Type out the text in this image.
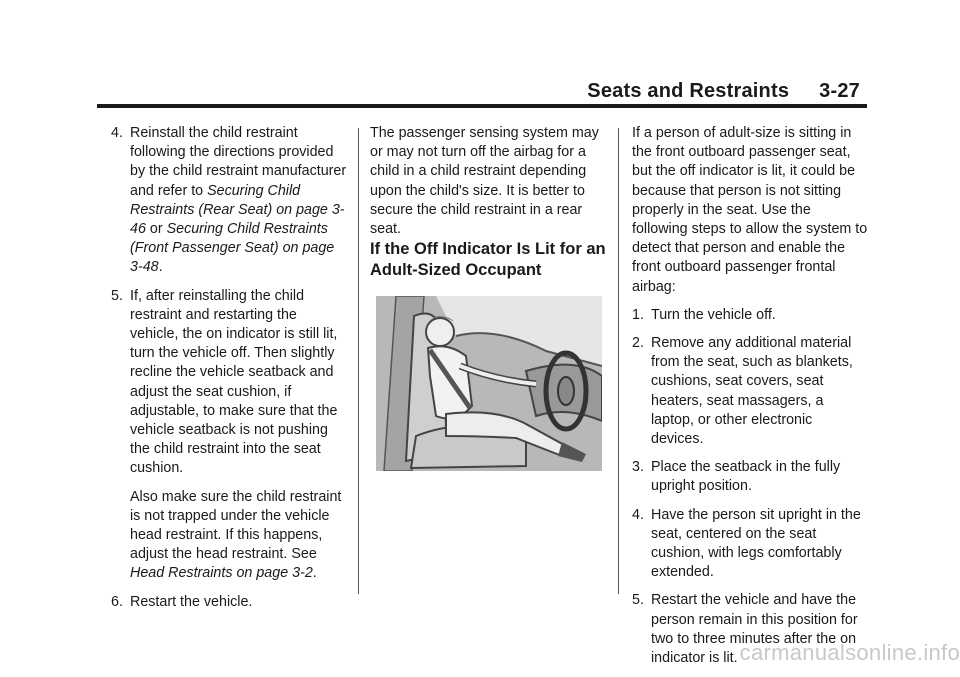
Seats and Restraints 3-27
4. Reinstall the child restraint following the directions provided by the child restraint manufacturer and refer to Securing Child Restraints (Rear Seat) on page 3-46 or Securing Child Restraints (Front Passenger Seat) on page 3-48.

5. If, after reinstalling the child restraint and restarting the vehicle, the on indicator is still lit, turn the vehicle off. Then slightly recline the vehicle seatback and adjust the seat cushion, if adjustable, to make sure that the vehicle seatback is not pushing the child restraint into the seat cushion.

Also make sure the child restraint is not trapped under the vehicle head restraint. If this happens, adjust the head restraint. See Head Restraints on page 3-2.

6. Restart the vehicle.

The passenger sensing system may or may not turn off the airbag for a child in a child restraint depending upon the child's size. It is better to secure the child restraint in a rear seat.

If the Off Indicator Is Lit for an Adult-Sized Occupant

If a person of adult-size is sitting in the front outboard passenger seat, but the off indicator is lit, it could be because that person is not sitting properly in the seat. Use the following steps to allow the system to detect that person and enable the front outboard passenger frontal airbag:

1. Turn the vehicle off.

2. Remove any additional material from the seat, such as blankets, cushions, seat covers, seat heaters, seat massagers, a laptop, or other electronic devices.

3. Place the seatback in the fully upright position.

4. Have the person sit upright in the seat, centered on the seat cushion, with legs comfortably extended.

5. Restart the vehicle and have the person remain in this position for two to three minutes after the on indicator is lit. carmanualsonline.info
